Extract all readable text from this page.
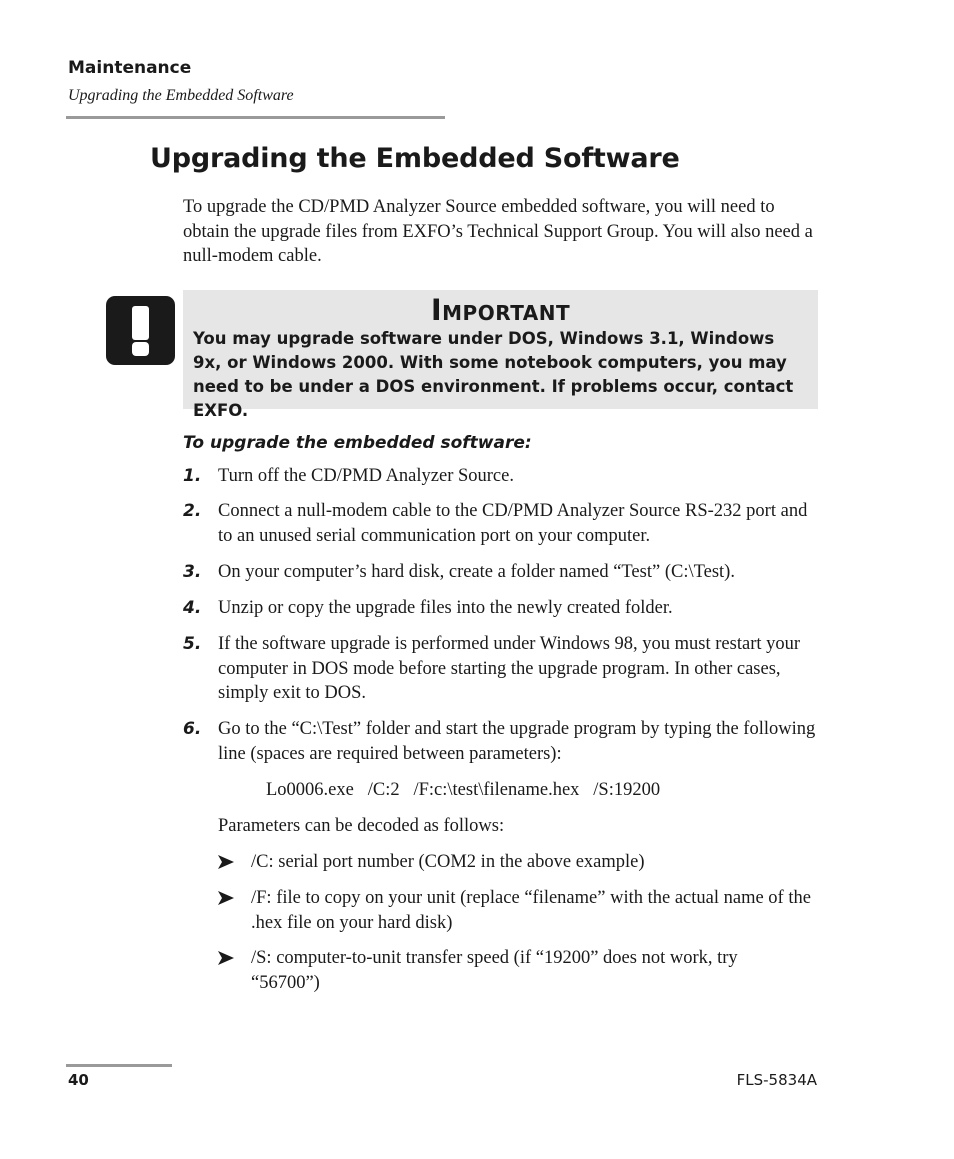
Maintenance
Upgrading the Embedded Software
Upgrading the Embedded Software

To upgrade the CD/PMD Analyzer Source embedded software, you will need to obtain the upgrade files from EXFO’s Technical Support Group. You will also need a null-modem cable.

Important

You may upgrade software under DOS, Windows 3.1, Windows 9x, or Windows 2000. With some notebook computers, you may need to be under a DOS environment. If problems occur, contact EXFO.

To upgrade the embedded software:
1. Turn off the CD/PMD Analyzer Source.
2. Connect a null-modem cable to the CD/PMD Analyzer Source RS-232 port and to an unused serial communication port on your computer.
3. On your computer’s hard disk, create a folder named “Test” (C:\Test).
4. Unzip or copy the upgrade files into the newly created folder.
5. If the software upgrade is performed under Windows 98, you must restart your computer in DOS mode before starting the upgrade program. In other cases, simply exit to DOS.
6. Go to the “C:\Test” folder and start the upgrade program by typing the following line (spaces are required between parameters):
Lo0006.exe   /C:2   /F:c:\test\filename.hex   /S:19200
Parameters can be decoded as follows:
/C: serial port number (COM2 in the above example)
/F: file to copy on your unit (replace “filename” with the actual name of the .hex file on your hard disk)
/S: computer-to-unit transfer speed (if “19200” does not work, try “56700”)
40	FLS-5834A
